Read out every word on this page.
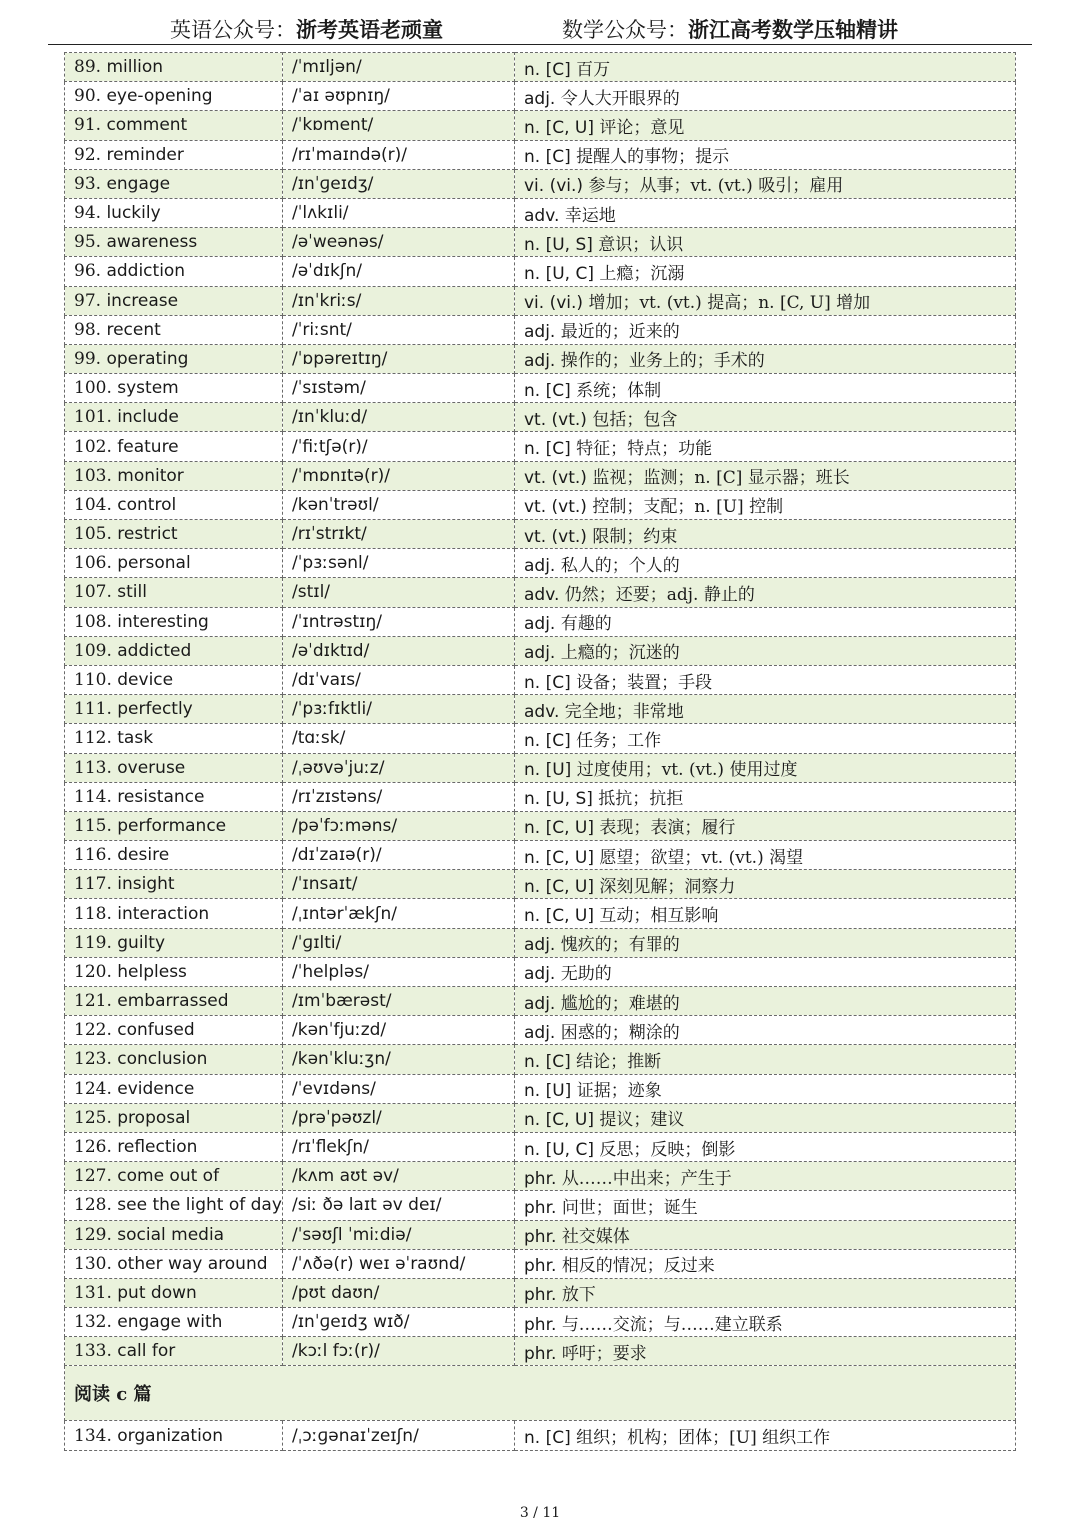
英语公众号：浙考英语老顽童	数学公众号：浙江高考数学压轴精讲
89. million	/ˈmɪljən/	n. [C] 百万
90. eye-opening	/ˈaɪ əʊpnɪŋ/	adj. 令人大开眼界的
91. comment	/ˈkɒment/	n. [C, U] 评论；意见
92. reminder	/rɪˈmaɪndə(r)/	n. [C] 提醒人的事物；提示
93. engage	/ɪnˈɡeɪdʒ/	vi. (vi.) 参与；从事；vt. (vt.) 吸引；雇用
94. luckily	/ˈlʌkɪli/	adv. 幸运地
95. awareness	/əˈweənəs/	n. [U, S] 意识；认识
96. addiction	/əˈdɪkʃn/	n. [U, C] 上瘾；沉溺
97. increase	/ɪnˈkriːs/	vi. (vi.) 增加；vt. (vt.) 提高；n. [C, U] 增加
98. recent	/ˈriːsnt/	adj. 最近的；近来的
99. operating	/ˈɒpəreɪtɪŋ/	adj. 操作的；业务上的；手术的
100. system	/ˈsɪstəm/	n. [C] 系统；体制
101. include	/ɪnˈkluːd/	vt. (vt.) 包括；包含
102. feature	/ˈfiːtʃə(r)/	n. [C] 特征；特点；功能
103. monitor	/ˈmɒnɪtə(r)/	vt. (vt.) 监视；监测；n. [C] 显示器；班长
104. control	/kənˈtrəʊl/	vt. (vt.) 控制；支配；n. [U] 控制
105. restrict	/rɪˈstrɪkt/	vt. (vt.) 限制；约束
106. personal	/ˈpɜːsənl/	adj. 私人的；个人的
107. still	/stɪl/	adv. 仍然；还要；adj. 静止的
108. interesting	/ˈɪntrəstɪŋ/	adj. 有趣的
109. addicted	/əˈdɪktɪd/	adj. 上瘾的；沉迷的
110. device	/dɪˈvaɪs/	n. [C] 设备；装置；手段
111. perfectly	/ˈpɜːfɪktli/	adv. 完全地；非常地
112. task	/tɑːsk/	n. [C] 任务；工作
113. overuse	/ˌəʊvəˈjuːz/	n. [U] 过度使用；vt. (vt.) 使用过度
114. resistance	/rɪˈzɪstəns/	n. [U, S] 抵抗；抗拒
115. performance	/pəˈfɔːməns/	n. [C, U] 表现；表演；履行
116. desire	/dɪˈzaɪə(r)/	n. [C, U] 愿望；欲望；vt. (vt.) 渴望
117. insight	/ˈɪnsaɪt/	n. [C, U] 深刻见解；洞察力
118. interaction	/ˌɪntərˈækʃn/	n. [C, U] 互动；相互影响
119. guilty	/ˈɡɪlti/	adj. 愧疚的；有罪的
120. helpless	/ˈhelpləs/	adj. 无助的
121. embarrassed	/ɪmˈbærəst/	adj. 尴尬的；难堪的
122. confused	/kənˈfjuːzd/	adj. 困惑的；糊涂的
123. conclusion	/kənˈkluːʒn/	n. [C] 结论；推断
124. evidence	/ˈevɪdəns/	n. [U] 证据；迹象
125. proposal	/prəˈpəʊzl/	n. [C, U] 提议；建议
126. reflection	/rɪˈflekʃn/	n. [U, C] 反思；反映；倒影
127. come out of	/kʌm aʊt əv/	phr. 从……中出来；产生于
128. see the light of day	/siː ðə laɪt əv deɪ/	phr. 问世；面世；诞生
129. social media	/ˈsəʊʃl ˈmiːdiə/	phr. 社交媒体
130. other way around	/ˈʌðə(r) weɪ əˈraʊnd/	phr. 相反的情况；反过来
131. put down	/pʊt daʊn/	phr. 放下
132. engage with	/ɪnˈɡeɪdʒ wɪð/	phr. 与……交流；与……建立联系
133. call for	/kɔːl fɔː(r)/	phr. 呼吁；要求
阅读 c 篇		
134. organization	/ˌɔːɡənaɪˈzeɪʃn/	n. [C] 组织；机构；团体；[U] 组织工作
3 / 11
